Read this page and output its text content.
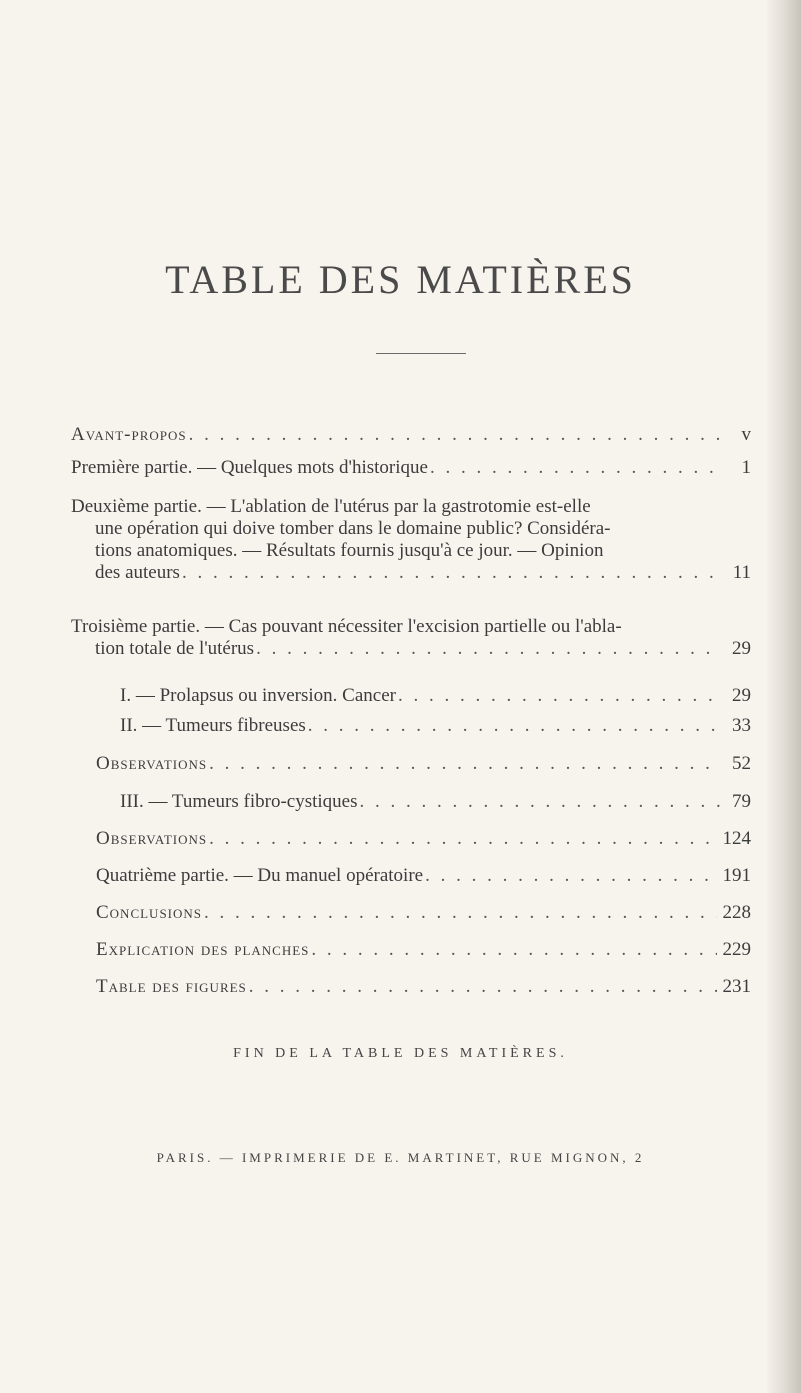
TABLE DES MATIÈRES
Avant-propos . . .	v
Première partie. — Quelques mots d'historique . . .	1
Deuxième partie. — L'ablation de l'utérus par la gastrotomie est-elle
une opération qui doive tomber dans le domaine public? Considéra-
tions anatomiques. — Résultats fournis jusqu'à ce jour. — Opinion
des auteurs . . .	11
Troisième partie. — Cas pouvant nécessiter l'excision partielle ou l'abla-
tion totale de l'utérus . . .	29
I. — Prolapsus ou inversion. Cancer . . .	29
II. — Tumeurs fibreuses . . .	33
Observations . . .	52
III. — Tumeurs fibro-cystiques . . .	79
Observations . . .	124
Quatrième partie. — Du manuel opératoire . . .	191
Conclusions . . .	228
Explication des planches . . .	229
Table des figures . . .	231
FIN DE LA TABLE DES MATIÈRES.
PARIS. — IMPRIMERIE DE E. MARTINET, RUE MIGNON, 2
